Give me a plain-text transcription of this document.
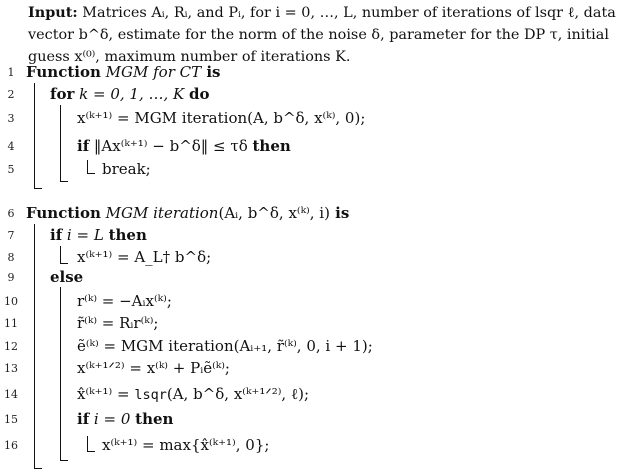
Input: Matrices Aᵢ, Rᵢ, and Pᵢ, for i = 0, …, L, number of iterations of lsqr ℓ, data vector b^δ, estimate for the norm of the noise δ, parameter for the DP τ, initial guess x⁽⁰⁾, maximum number of iterations K.
1 Function MGM for CT is
2	for k = 0, 1, …, K do
3	x⁽ᵏ⁺¹⁾ = MGM iteration(A, b^δ, x⁽ᵏ⁾, 0);
4	if ‖Ax⁽ᵏ⁺¹⁾ − b^δ‖ ≤ τδ then
5	break;
6 Function MGM iteration(Aᵢ, b^δ, x⁽ᵏ⁾, i) is
7	if i = L then
8	x⁽ᵏ⁺¹⁾ = A_L† b^δ;
9	else
10	r⁽ᵏ⁾ = −Aᵢx⁽ᵏ⁾;
11	r̃⁽ᵏ⁾ = Rᵢr⁽ᵏ⁾;
12	ẽ⁽ᵏ⁾ = MGM iteration(Aᵢ₊₁, r̃⁽ᵏ⁾, 0, i + 1);
13	x⁽ᵏ⁺¹ᐟ²⁾ = x⁽ᵏ⁾ + Pᵢẽ⁽ᵏ⁾;
14	x̂⁽ᵏ⁺¹⁾ = lsqr(A, b^δ, x⁽ᵏ⁺¹ᐟ²⁾, ℓ);
15	if i = 0 then
16	x⁽ᵏ⁺¹⁾ = max{x̂⁽ᵏ⁺¹⁾, 0};
